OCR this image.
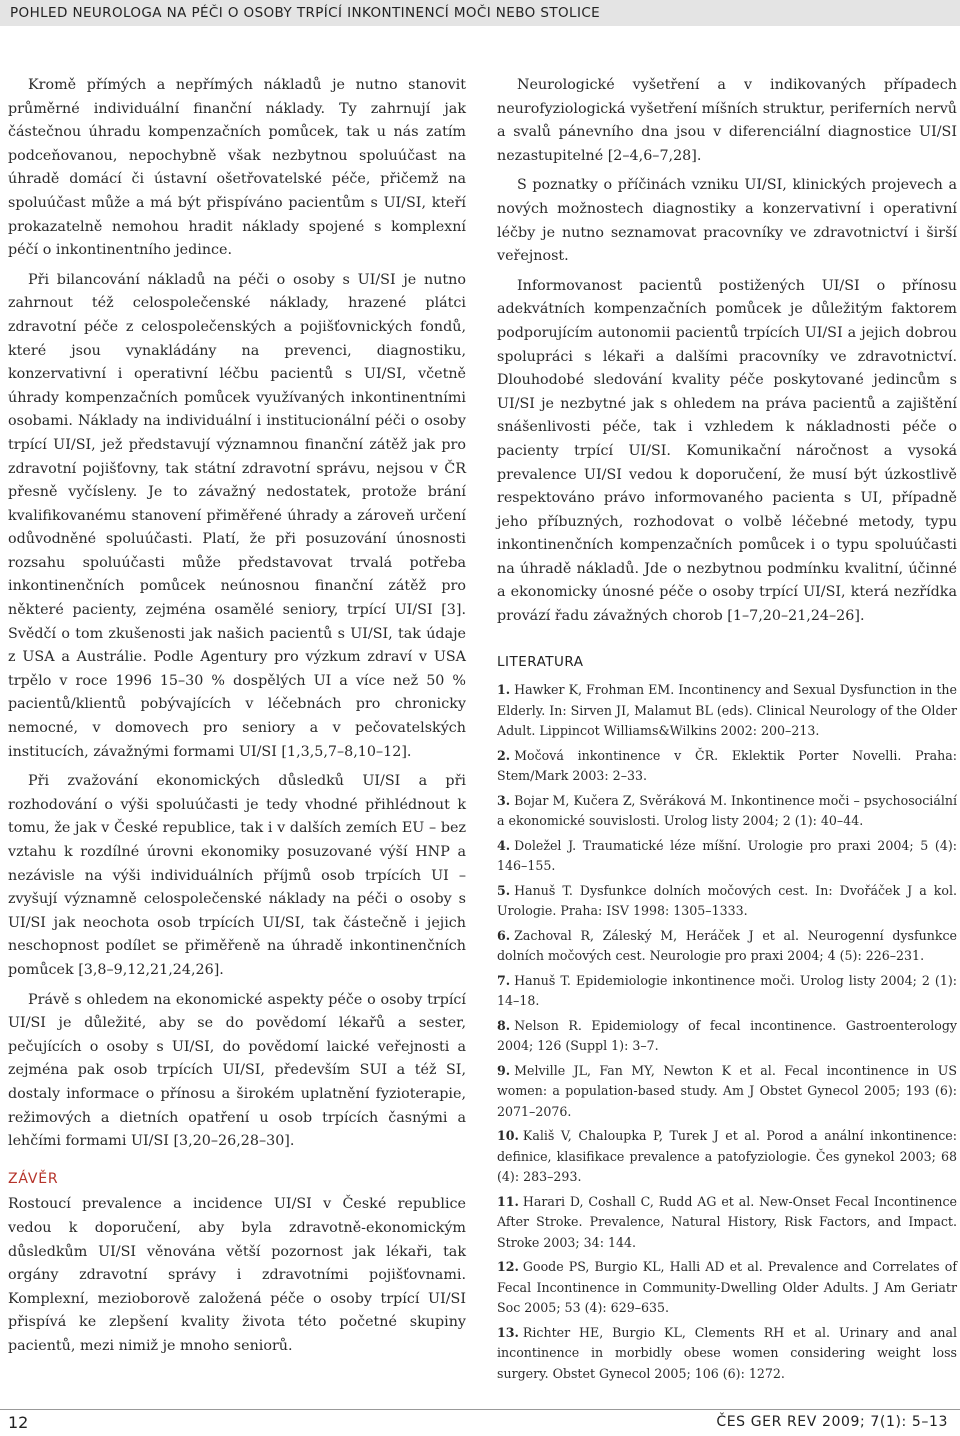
POHLED NEUROLOGA NA PÉČI O OSOBY TRPÍCÍ INKONTINENCÍ MOČI NEBO STOLICE

Kromě přímých a nepřímých nákladů je nutno stanovit průměrné individuální finanční náklady. Ty zahrnují jak částečnou úhradu kompenzačních pomůcek, tak u nás zatím podceňovanou, nepochybně však nezbytnou spoluúčast na úhradě domácí či ústavní ošetřovatelské péče, přičemž na spoluúčast může a má být přispíváno pacientům s UI/SI, kteří prokazatelně nemohou hradit náklady spojené s komplexní péčí o inkontinentního jedince.

Při bilancování nákladů na péči o osoby s UI/SI je nutno zahrnout též celospolečenské náklady, hrazené plátci zdravotní péče z celospolečenských a pojišťovnických fondů, které jsou vynakládány na prevenci, diagnostiku, konzervativní i operativní léčbu pacientů s UI/SI, včetně úhrady kompenzačních pomůcek využívaných inkontinentními osobami. Náklady na individuální i institucionální péči o osoby trpící UI/SI, jež představují významnou finanční zátěž jak pro zdravotní pojišťovny, tak státní zdravotní správu, nejsou v ČR přesně vyčísleny. Je to závažný nedostatek, protože brání kvalifikovanému stanovení přiměřené úhrady a zároveň určení odůvodněné spoluúčasti. Platí, že při posuzování únosnosti rozsahu spoluúčasti může představovat trvalá potřeba inkontinenčních pomůcek neúnosnou finanční zátěž pro některé pacienty, zejména osamělé seniory, trpící UI/SI [3]. Svědčí o tom zkušenosti jak našich pacientů s UI/SI, tak údaje z USA a Austrálie. Podle Agentury pro výzkum zdraví v USA trpělo v roce 1996 15–30 % dospělých UI a více než 50 % pacientů/klientů pobývajících v léčebnách pro chronicky nemocné, v domovech pro seniory a v pečovatelských institucích, závažnými formami UI/SI [1,3,5,7–8,10–12].

Při zvažování ekonomických důsledků UI/SI a při rozhodování o výši spoluúčasti je tedy vhodné přihlédnout k tomu, že jak v České republice, tak i v dalších zemích EU – bez vztahu k rozdílné úrovni ekonomiky posuzované výší HNP a nezávisle na výši individuálních příjmů osob trpících UI – zvyšují významně celospolečenské náklady na péči o osoby s UI/SI jak neochota osob trpících UI/SI, tak částečně i jejich neschopnost podílet se přiměřeně na úhradě inkontinenčních pomůcek [3,8–9,12,21,24,26].

Právě s ohledem na ekonomické aspekty péče o osoby trpící UI/SI je důležité, aby se do povědomí lékařů a sester, pečujících o osoby s UI/SI, do povědomí laické veřejnosti a zejména pak osob trpících UI/SI, především SUI a též SI, dostaly informace o přínosu a širokém uplatnění fyzioterapie, režimových a dietních opatření u osob trpících časnými a lehčími formami UI/SI [3,20–26,28–30].

ZÁVĚR

Rostoucí prevalence a incidence UI/SI v České republice vedou k doporučení, aby byla zdravotně-ekonomickým důsledkům UI/SI věnována větší pozornost jak lékaři, tak orgány zdravotní správy i zdravotními pojišťovnami. Komplexní, mezioborově založená péče o osoby trpící UI/SI přispívá ke zlepšení kvality života této početné skupiny pacientů, mezi nimiž je mnoho seniorů.

Neurologické vyšetření a v indikovaných případech neurofyziologická vyšetření míšních struktur, periferních nervů a svalů pánevního dna jsou v diferenciální diagnostice UI/SI nezastupitelné [2–4,6–7,28].

S poznatky o příčinách vzniku UI/SI, klinických projevech a nových možnostech diagnostiky a konzervativní i operativní léčby je nutno seznamovat pracovníky ve zdravotnictví i širší veřejnost.

Informovanost pacientů postižených UI/SI o přínosu adekvátních kompenzačních pomůcek je důležitým faktorem podporujícím autonomii pacientů trpících UI/SI a jejich dobrou spolupráci s lékaři a dalšími pracovníky ve zdravotnictví. Dlouhodobé sledování kvality péče poskytované jedincům s UI/SI je nezbytné jak s ohledem na práva pacientů a zajištění snášenlivosti péče, tak i vzhledem k nákladnosti péče o pacienty trpící UI/SI. Komunikační náročnost a vysoká prevalence UI/SI vedou k doporučení, že musí být úzkostlivě respektováno právo informovaného pacienta s UI, případně jeho příbuzných, rozhodovat o volbě léčebné metody, typu inkontinenčních kompenzačních pomůcek i o typu spoluúčasti na úhradě nákladů. Jde o nezbytnou podmínku kvalitní, účinné a ekonomicky únosné péče o osoby trpící UI/SI, která nezřídka provází řadu závažných chorob [1–7,20–21,24–26].

LITERATURA
1. Hawker K, Frohman EM. Incontinency and Sexual Dysfunction in the Elderly. In: Sirven JI, Malamut BL (eds). Clinical Neurology of the Older Adult. Lippincot Williams&Wilkins 2002: 200–213.
2. Močová inkontinence v ČR. Eklektik Porter Novelli. Praha: Stem/Mark 2003: 2–33.
3. Bojar M, Kučera Z, Svěráková M. Inkontinence moči – psychosociální a ekonomické souvislosti. Urolog listy 2004; 2 (1): 40–44.
4. Doležel J. Traumatické léze míšní. Urologie pro praxi 2004; 5 (4): 146–155.
5. Hanuš T. Dysfunkce dolních močových cest. In: Dvořáček J a kol. Urologie. Praha: ISV 1998: 1305–1333.
6. Zachoval R, Záleský M, Heráček J et al. Neurogenní dysfunkce dolních močových cest. Neurologie pro praxi 2004; 4 (5): 226–231.
7. Hanuš T. Epidemiologie inkontinence moči. Urolog listy 2004; 2 (1): 14–18.
8. Nelson R. Epidemiology of fecal incontinence. Gastroenterology 2004; 126 (Suppl 1): 3–7.
9. Melville JL, Fan MY, Newton K et al. Fecal incontinence in US women: a population-based study. Am J Obstet Gynecol 2005; 193 (6): 2071–2076.
10. Kališ V, Chaloupka P, Turek J et al. Porod a anální inkontinence: definice, klasifikace prevalence a patofyziologie. Čes gynekol 2003; 68 (4): 283–293.
11. Harari D, Coshall C, Rudd AG et al. New-Onset Fecal Incontinence After Stroke. Prevalence, Natural History, Risk Factors, and Impact. Stroke 2003; 34: 144.
12. Goode PS, Burgio KL, Halli AD et al. Prevalence and Correlates of Fecal Incontinence in Community-Dwelling Older Adults. J Am Geriatr Soc 2005; 53 (4): 629–635.
13. Richter HE, Burgio KL, Clements RH et al. Urinary and anal incontinence in morbidly obese women considering weight loss surgery. Obstet Gynecol 2005; 106 (6): 1272.
12	ČES GER REV 2009; 7(1): 5–13
